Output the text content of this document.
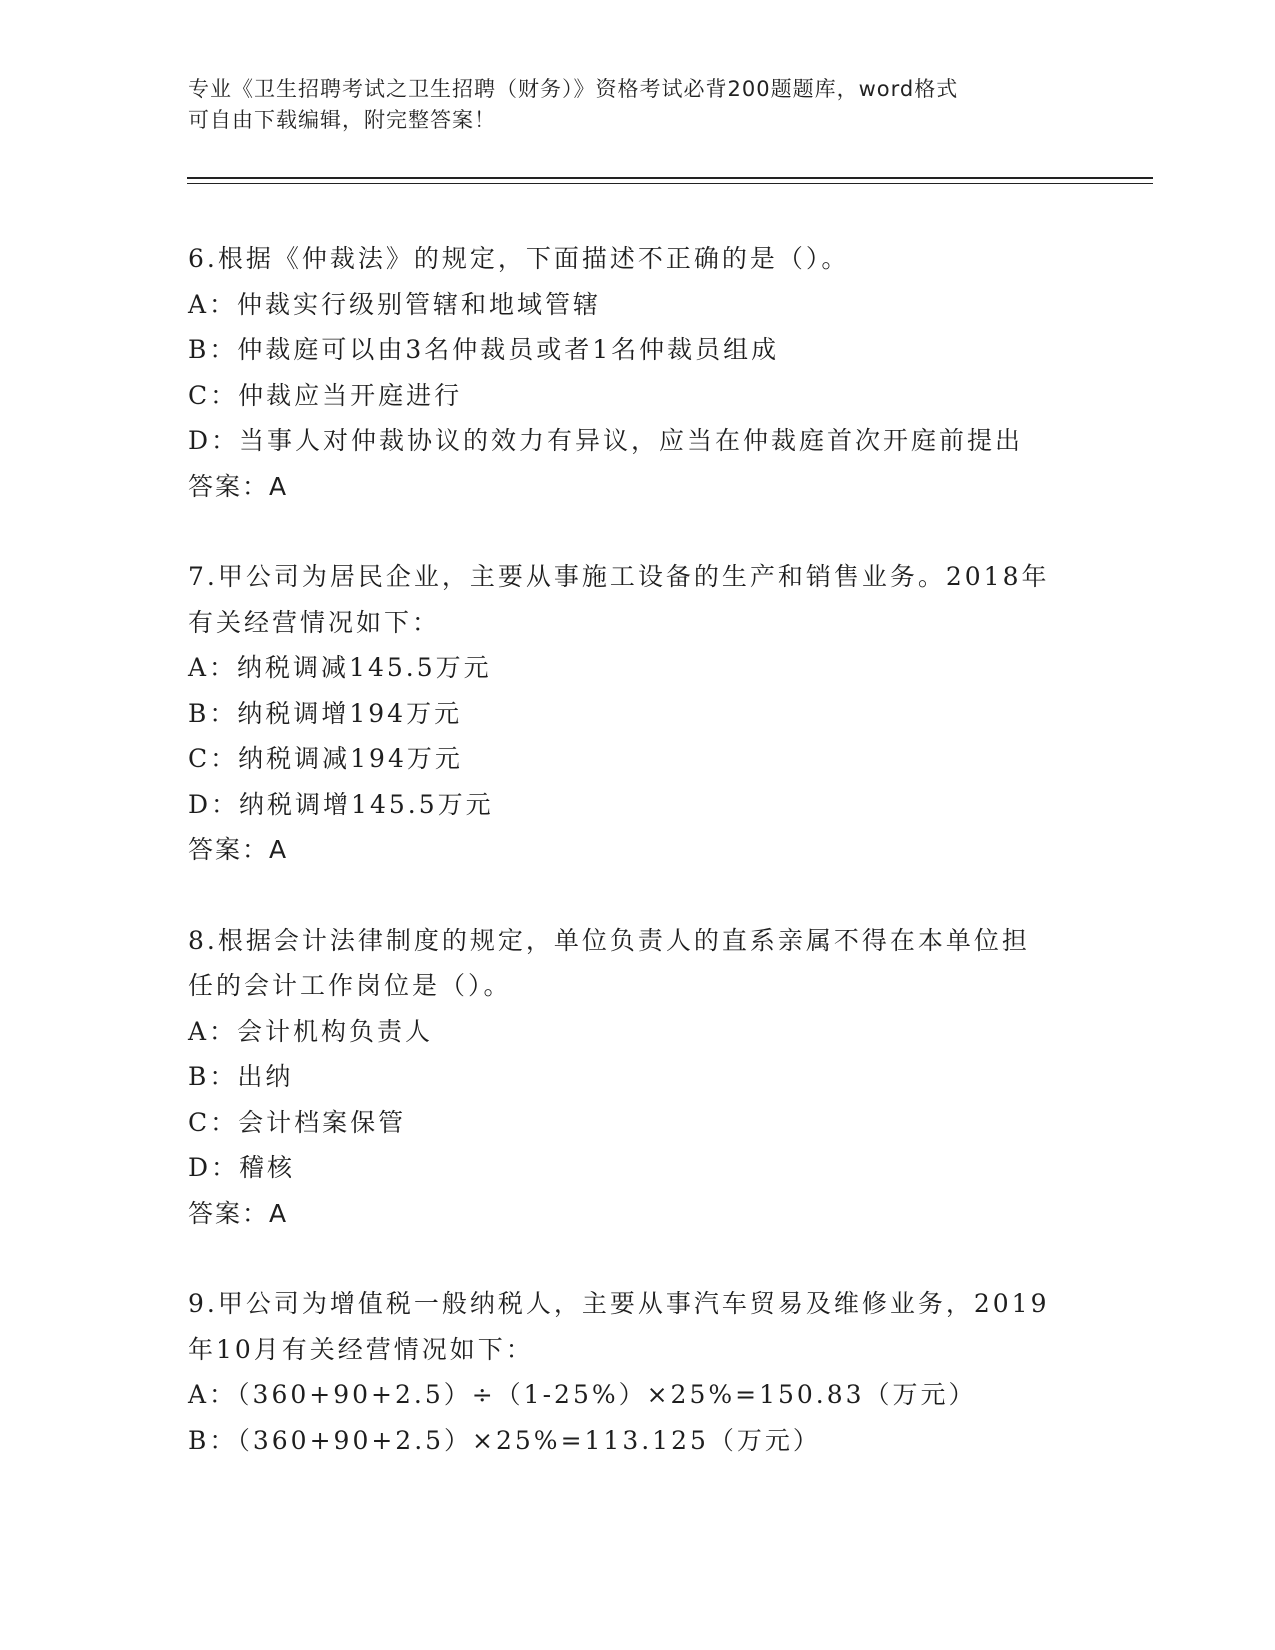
专业《卫生招聘考试之卫生招聘（财务）》资格考试必背200题题库，word格式
可自由下载编辑，附完整答案！
6.根据《仲裁法》的规定，下面描述不正确的是（）。
A：仲裁实行级别管辖和地域管辖
B：仲裁庭可以由3名仲裁员或者1名仲裁员组成
C：仲裁应当开庭进行
D：当事人对仲裁协议的效力有异议，应当在仲裁庭首次开庭前提出
答案：A
7.甲公司为居民企业，主要从事施工设备的生产和销售业务。2018年
有关经营情况如下：
A：纳税调减145.5万元
B：纳税调增194万元
C：纳税调减194万元
D：纳税调增145.5万元
答案：A
8.根据会计法律制度的规定，单位负责人的直系亲属不得在本单位担
任的会计工作岗位是（）。
A：会计机构负责人
B：出纳
C：会计档案保管
D：稽核
答案：A
9.甲公司为增值税一般纳税人，主要从事汽车贸易及维修业务，2019
年10月有关经营情况如下：
A：（360+90+2.5）÷（1-25%）×25%=150.83（万元）
B：（360+90+2.5）×25%=113.125（万元）
